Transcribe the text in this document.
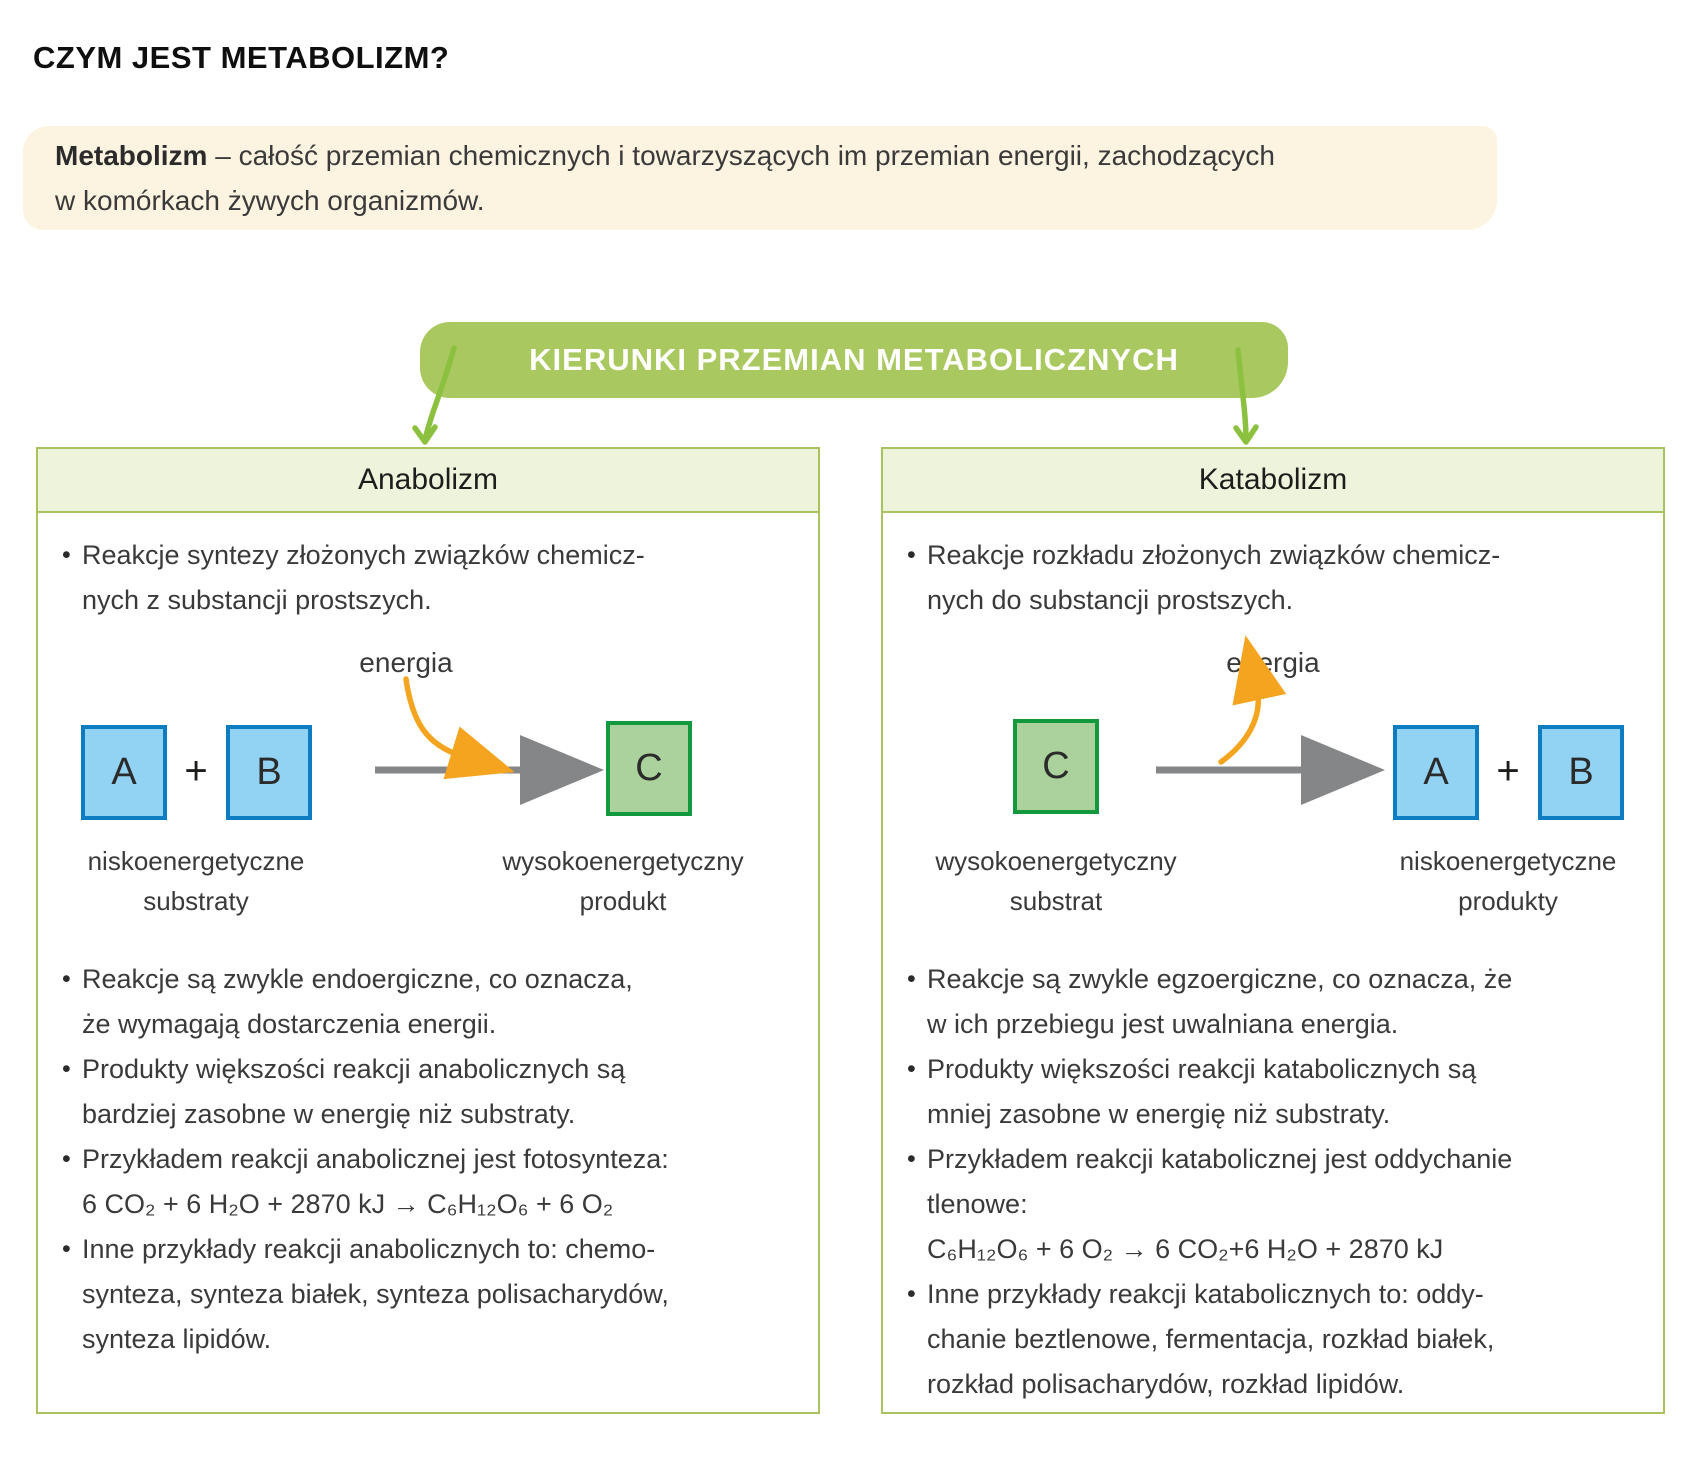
CZYM JEST METABOLIZM?
Metabolizm – całość przemian chemicznych i towarzyszących im przemian energii, zachodzących
w komórkach żywych organizmów.
KIERUNKI PRZEMIAN METABOLICZNYCH
Anabolizm
• Reakcje syntezy złożonych związków chemicz-
nych z substancji prostszych.
energia
A	+	B	C
niskoenergetyczne
substraty
wysokoenergetyczny
produkt
• Reakcje są zwykle endoergiczne, co oznacza,
że wymagają dostarczenia energii.
• Produkty większości reakcji anabolicznych są
bardziej zasobne w energię niż substraty.
• Przykładem reakcji anabolicznej jest fotosynteza:
6 CO₂ + 6 H₂O + 2870 kJ → C₆H₁₂O₆ + 6 O₂
• Inne przykłady reakcji anabolicznych to: chemo-
synteza, synteza białek, synteza polisacharydów,
synteza lipidów.
Katabolizm
• Reakcje rozkładu złożonych związków chemicz-
nych do substancji prostszych.
energia
C	A	+	B
wysokoenergetyczny
substrat
niskoenergetyczne
produkty
• Reakcje są zwykle egzoergiczne, co oznacza, że
w ich przebiegu jest uwalniana energia.
• Produkty większości reakcji katabolicznych są
mniej zasobne w energię niż substraty.
• Przykładem reakcji katabolicznej jest oddychanie
tlenowe:
C₆H₁₂O₆ + 6 O₂ → 6 CO₂+6 H₂O + 2870 kJ
• Inne przykłady reakcji katabolicznych to: oddy-
chanie beztlenowe, fermentacja, rozkład białek,
rozkład polisacharydów, rozkład lipidów.
